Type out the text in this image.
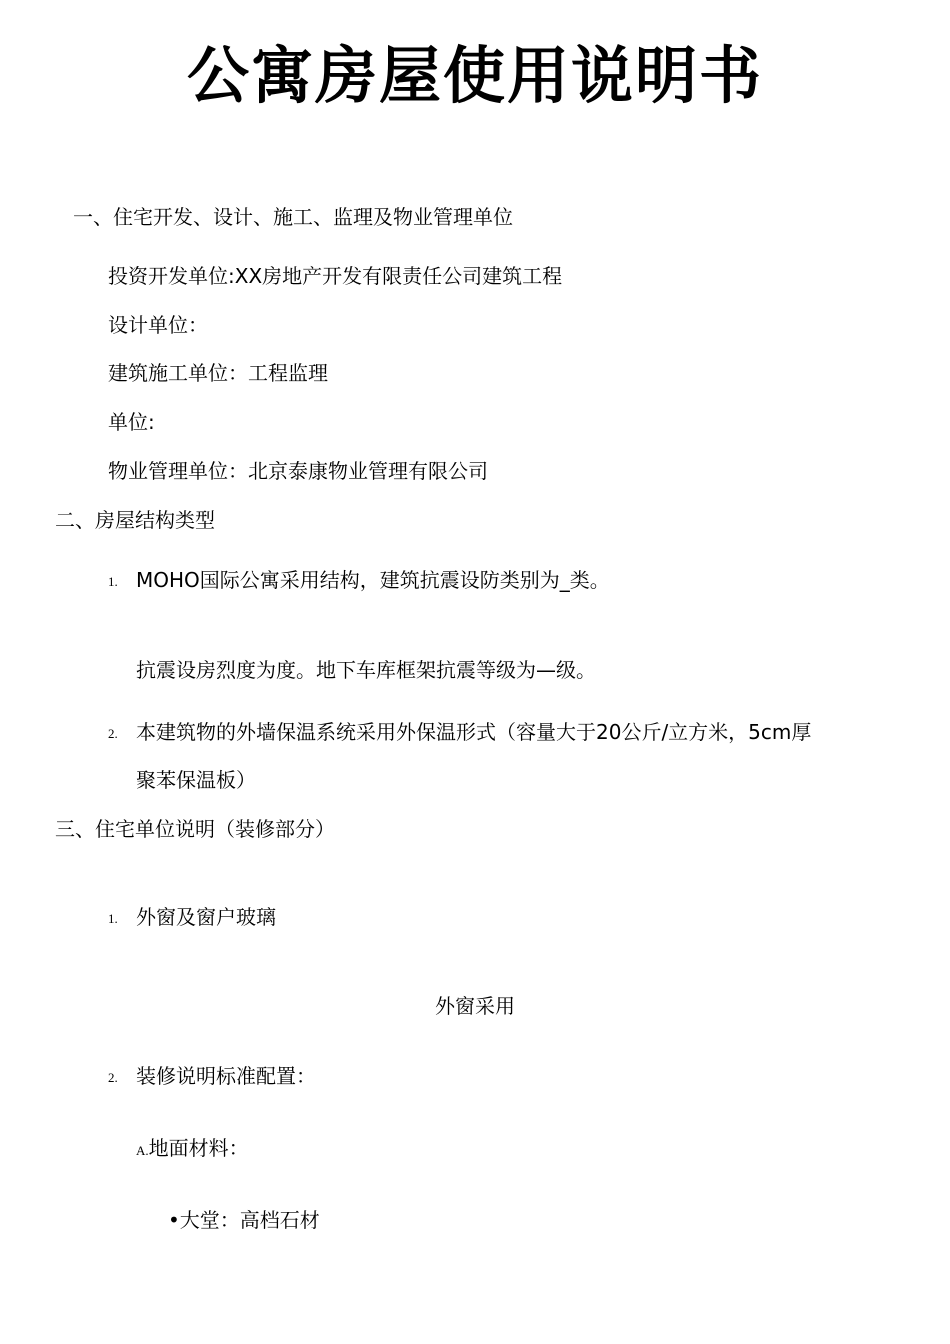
公寓房屋使用说明书
一、住宅开发、设计、施工、监理及物业管理单位
投资开发单位:XX房地产开发有限责任公司建筑工程
设计单位：
建筑施工单位：工程监理
单位:
物业管理单位：北京泰康物业管理有限公司
二、房屋结构类型
1. MOHO国际公寓采用结构，建筑抗震设防类别为_类。
抗震设房烈度为度。地下车库框架抗震等级为—级。
2. 本建筑物的外墙保温系统采用外保温形式（容量大于20公斤/立方米，5cm厚
聚苯保温板）
三、住宅单位说明（装修部分）
1. 外窗及窗户玻璃
外窗采用
2. 装修说明标准配置：
A.地面材料：
•大堂：高档石材
